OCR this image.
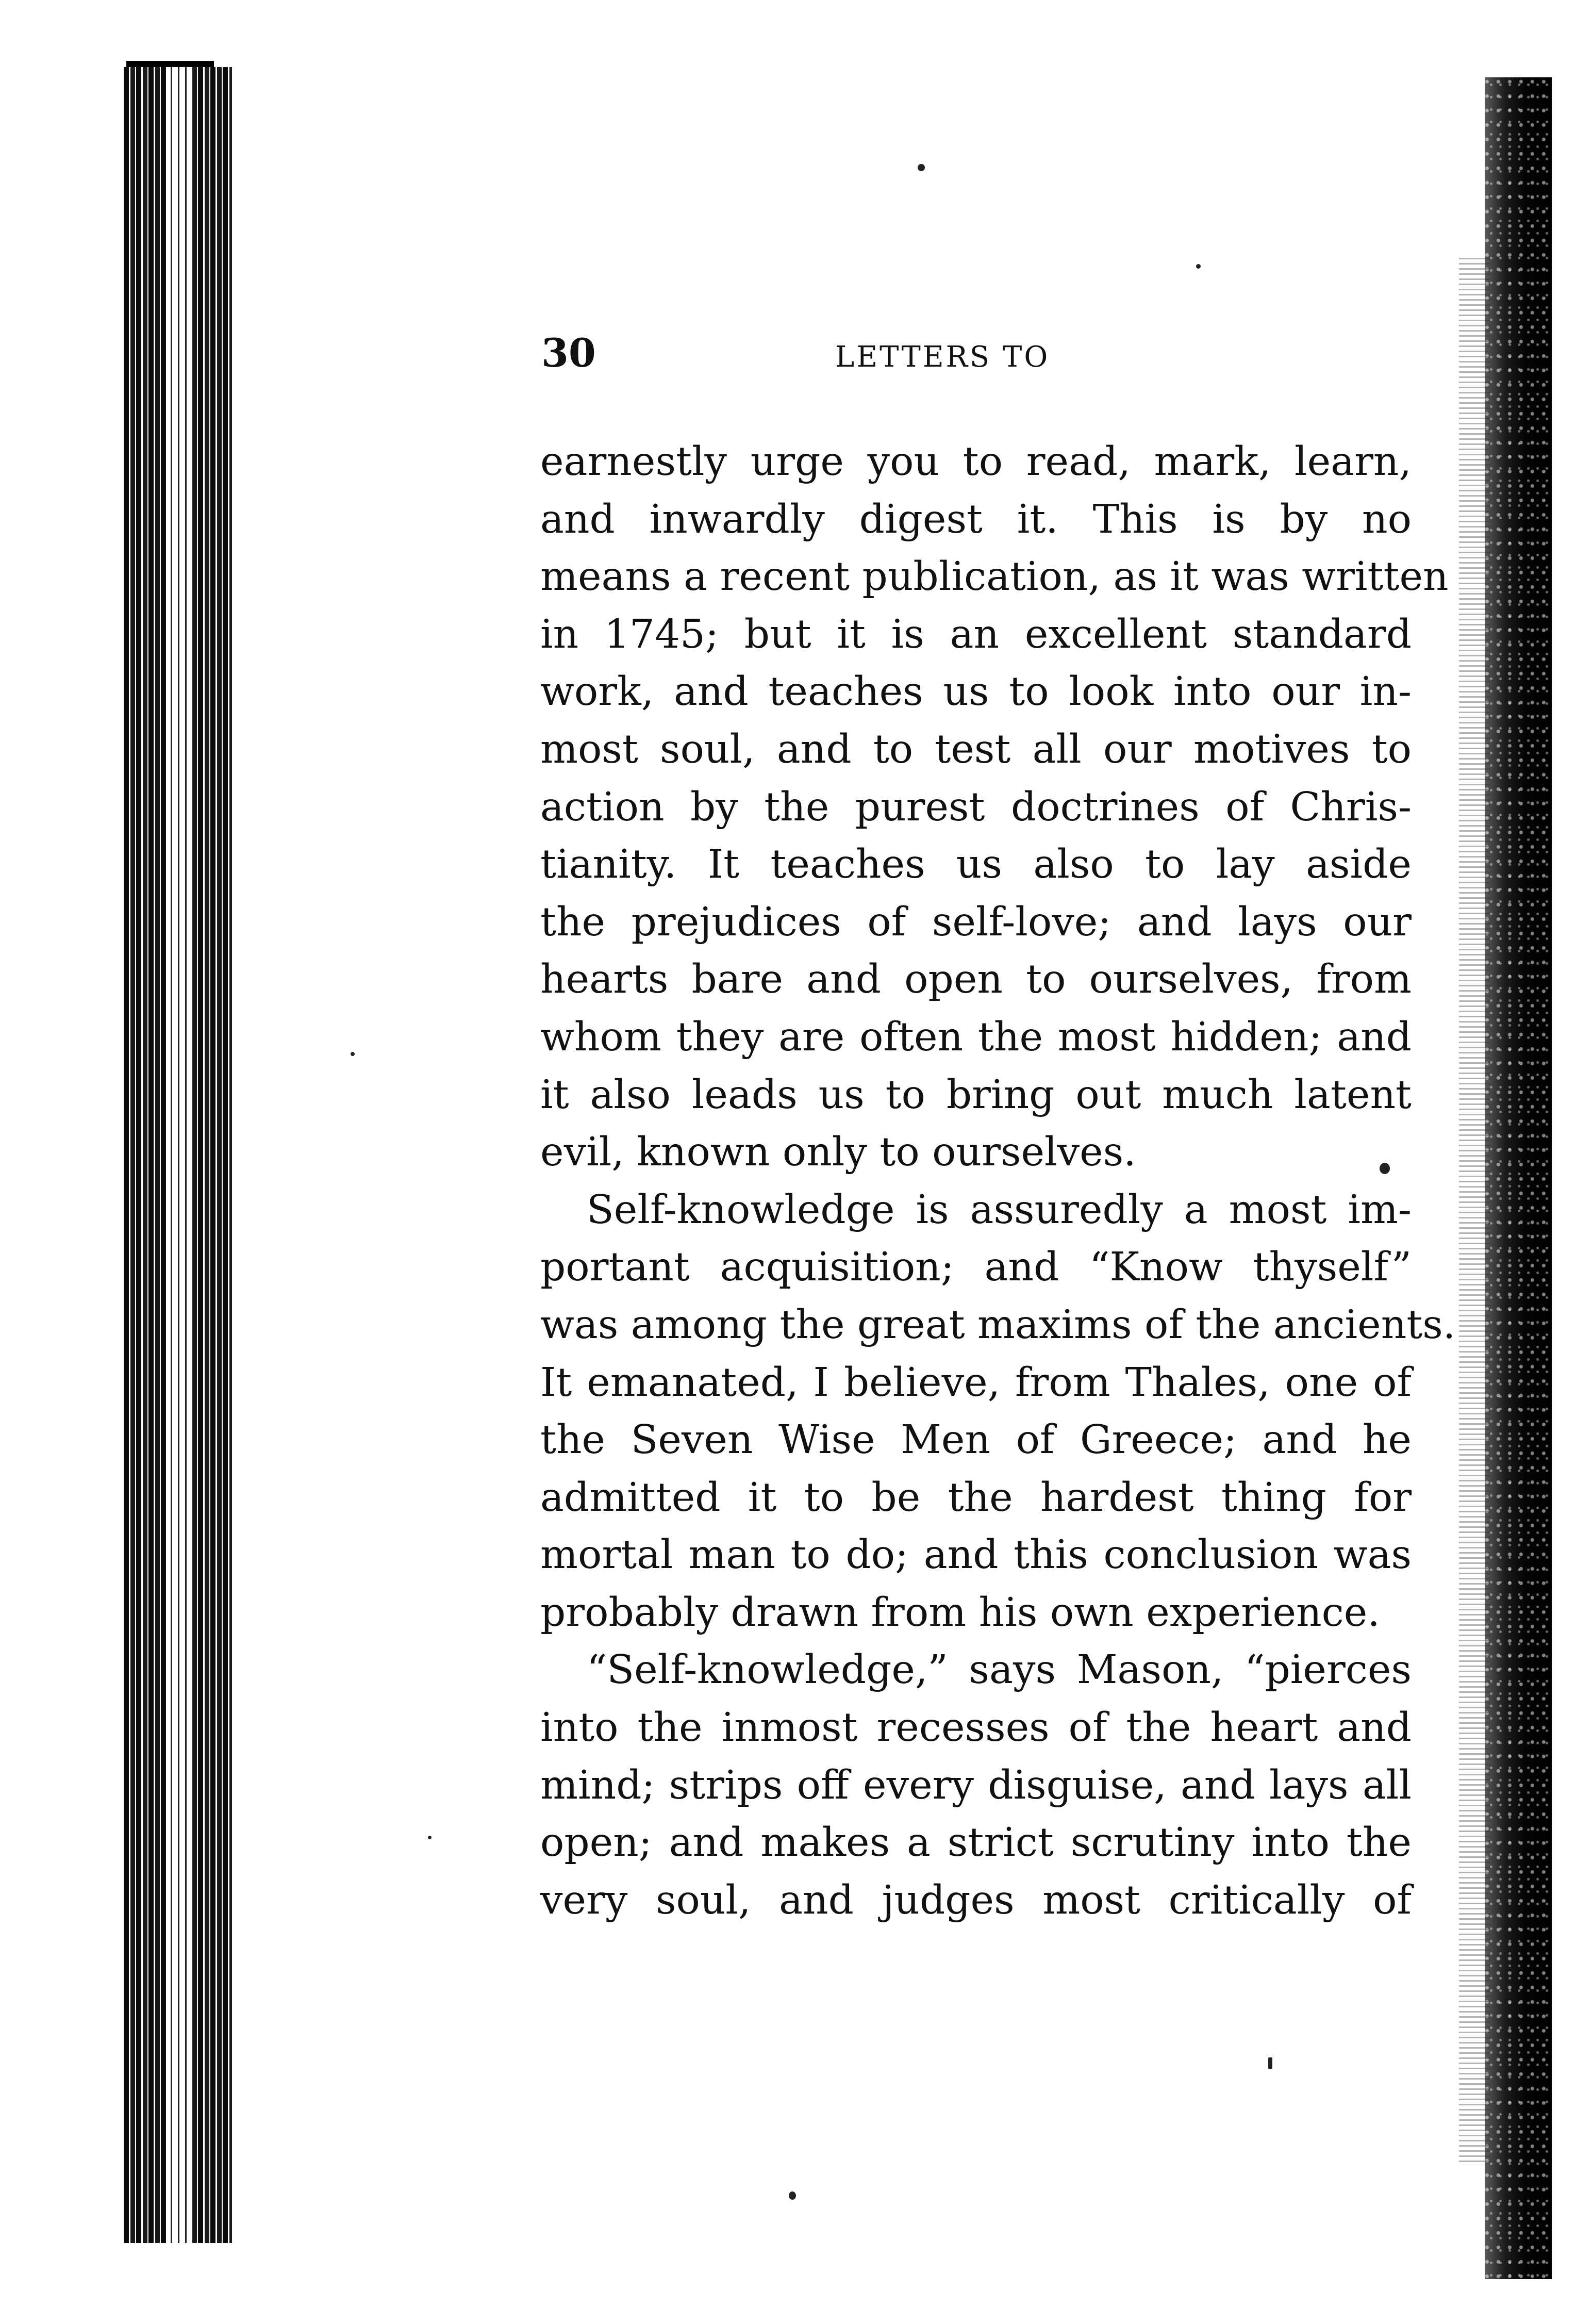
30	LETTERS TO
earnestly urge you to read, mark, learn,
and inwardly digest it. This is by no
means a recent publication, as it was written
in 1745; but it is an excellent standard
work, and teaches us to look into our in-
most soul, and to test all our motives to
action by the purest doctrines of Chris-
tianity. It teaches us also to lay aside
the prejudices of self-love; and lays our
hearts bare and open to ourselves, from
whom they are often the most hidden; and
it also leads us to bring out much latent
evil, known only to ourselves.
Self-knowledge is assuredly a most im-
portant acquisition; and “Know thyself”
was among the great maxims of the ancients.
It emanated, I believe, from Thales, one of
the Seven Wise Men of Greece; and he
admitted it to be the hardest thing for
mortal man to do; and this conclusion was
probably drawn from his own experience.
“Self-knowledge,” says Mason, “pierces
into the inmost recesses of the heart and
mind; strips off every disguise, and lays all
open; and makes a strict scrutiny into the
very soul, and judges most critically of
